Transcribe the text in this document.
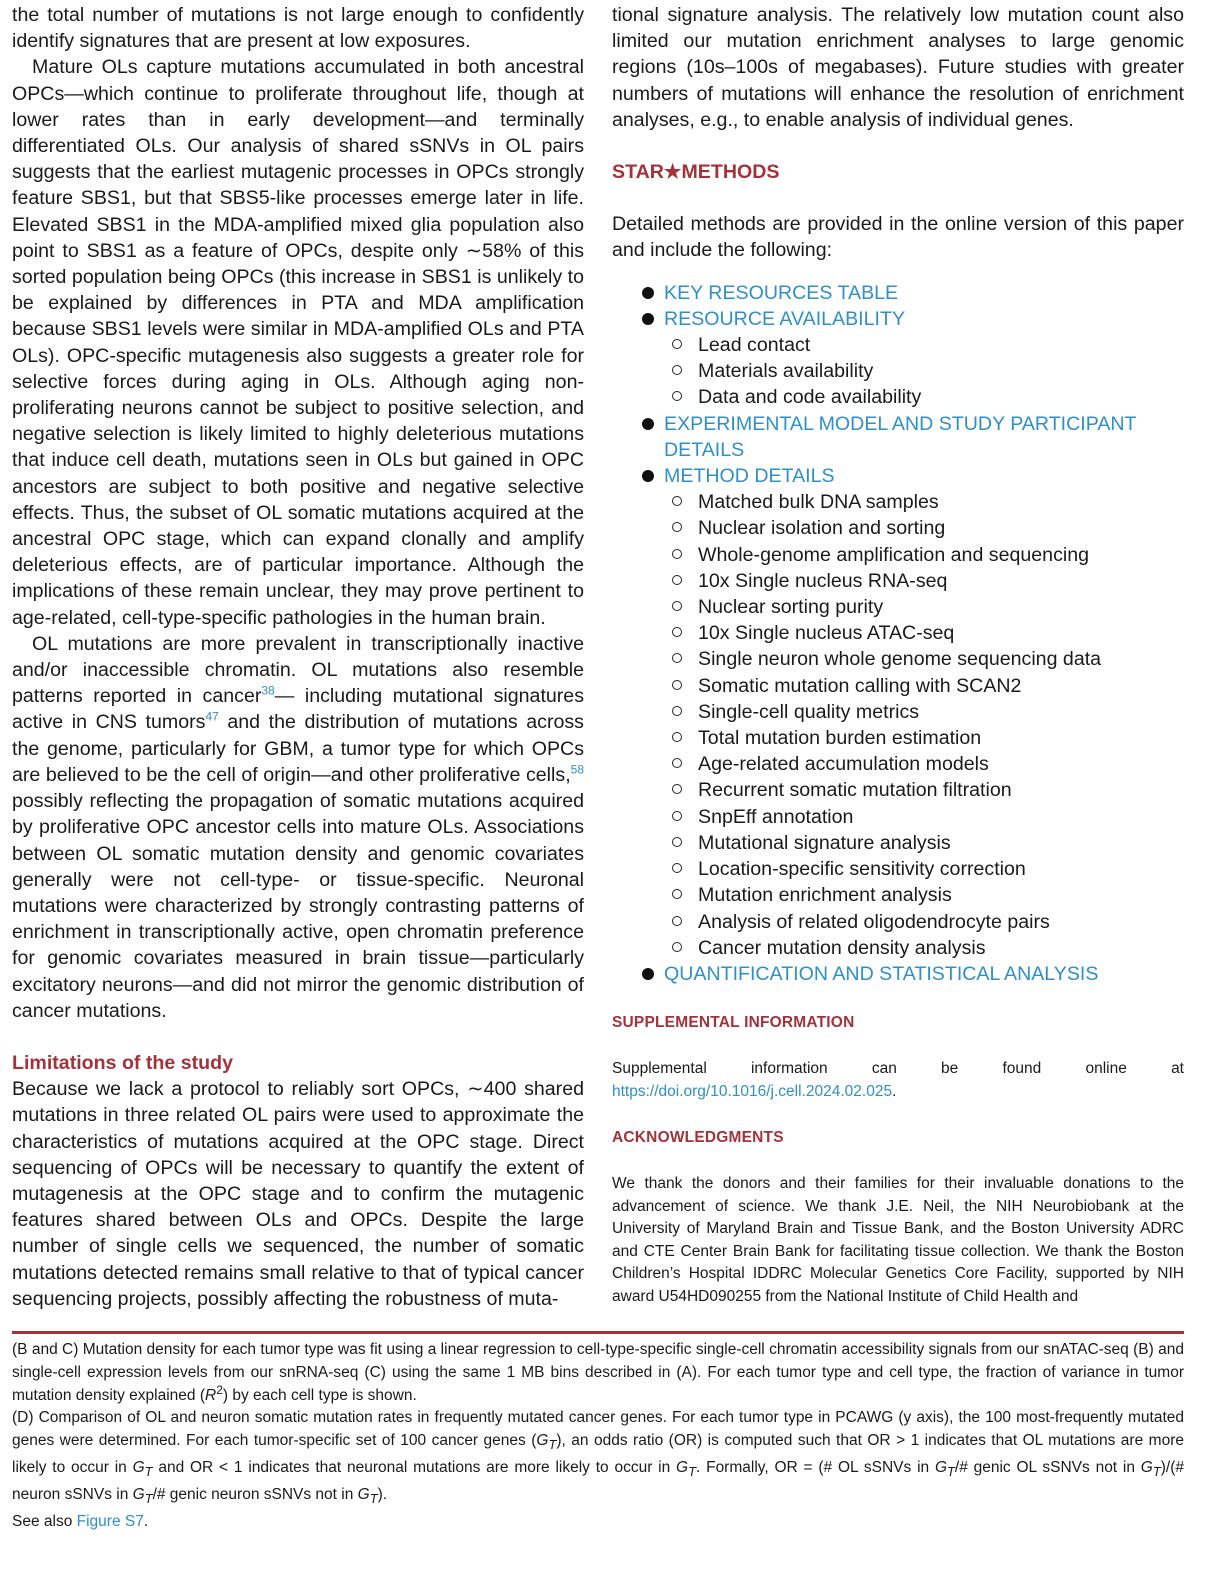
the total number of mutations is not large enough to confidently identify signatures that are present at low exposures.

Mature OLs capture mutations accumulated in both ancestral OPCs—which continue to proliferate throughout life, though at lower rates than in early development—and terminally differentiated OLs. Our analysis of shared sSNVs in OL pairs suggests that the earliest mutagenic processes in OPCs strongly feature SBS1, but that SBS5-like processes emerge later in life. Elevated SBS1 in the MDA-amplified mixed glia population also point to SBS1 as a feature of OPCs, despite only ∼58% of this sorted population being OPCs (this increase in SBS1 is unlikely to be explained by differences in PTA and MDA amplification because SBS1 levels were similar in MDA-amplified OLs and PTA OLs). OPC-specific mutagenesis also suggests a greater role for selective forces during aging in OLs. Although aging non-proliferating neurons cannot be subject to positive selection, and negative selection is likely limited to highly deleterious mutations that induce cell death, mutations seen in OLs but gained in OPC ancestors are subject to both positive and negative selective effects. Thus, the subset of OL somatic mutations acquired at the ancestral OPC stage, which can expand clonally and amplify deleterious effects, are of particular importance. Although the implications of these remain unclear, they may prove pertinent to age-related, cell-type-specific pathologies in the human brain.

OL mutations are more prevalent in transcriptionally inactive and/or inaccessible chromatin. OL mutations also resemble patterns reported in cancer$^{38}$— including mutational signatures active in CNS tumors$^{47}$ and the distribution of mutations across the genome, particularly for GBM, a tumor type for which OPCs are believed to be the cell of origin—and other proliferative cells,$^{58}$ possibly reflecting the propagation of somatic mutations acquired by proliferative OPC ancestor cells into mature OLs. Associations between OL somatic mutation density and genomic covariates generally were not cell-type- or tissue-specific. Neuronal mutations were characterized by strongly contrasting patterns of enrichment in transcriptionally active, open chromatin preference for genomic covariates measured in brain tissue—particularly excitatory neurons—and did not mirror the genomic distribution of cancer mutations.

Limitations of the study

Because we lack a protocol to reliably sort OPCs, ∼400 shared mutations in three related OL pairs were used to approximate the characteristics of mutations acquired at the OPC stage. Direct sequencing of OPCs will be necessary to quantify the extent of mutagenesis at the OPC stage and to confirm the mutagenic features shared between OLs and OPCs. Despite the large number of single cells we sequenced, the number of somatic mutations detected remains small relative to that of typical cancer sequencing projects, possibly affecting the robustness of muta-

tional signature analysis. The relatively low mutation count also limited our mutation enrichment analyses to large genomic regions (10s–100s of megabases). Future studies with greater numbers of mutations will enhance the resolution of enrichment analyses, e.g., to enable analysis of individual genes.

STAR★METHODS

Detailed methods are provided in the online version of this paper and include the following:

KEY RESOURCES TABLE
RESOURCE AVAILABILITY
Lead contact
Materials availability
Data and code availability
EXPERIMENTAL MODEL AND STUDY PARTICIPANT DETAILS
METHOD DETAILS
Matched bulk DNA samples
Nuclear isolation and sorting
Whole-genome amplification and sequencing
10x Single nucleus RNA-seq
Nuclear sorting purity
10x Single nucleus ATAC-seq
Single neuron whole genome sequencing data
Somatic mutation calling with SCAN2
Single-cell quality metrics
Total mutation burden estimation
Age-related accumulation models
Recurrent somatic mutation filtration
SnpEff annotation
Mutational signature analysis
Location-specific sensitivity correction
Mutation enrichment analysis
Analysis of related oligodendrocyte pairs
Cancer mutation density analysis
QUANTIFICATION AND STATISTICAL ANALYSIS

SUPPLEMENTAL INFORMATION

Supplemental information can be found online at https://doi.org/10.1016/j.cell.2024.02.025.

ACKNOWLEDGMENTS

We thank the donors and their families for their invaluable donations to the advancement of science. We thank J.E. Neil, the NIH Neurobiobank at the University of Maryland Brain and Tissue Bank, and the Boston University ADRC and CTE Center Brain Bank for facilitating tissue collection. We thank the Boston Children’s Hospital IDDRC Molecular Genetics Core Facility, supported by NIH award U54HD090255 from the National Institute of Child Health and

(B and C) Mutation density for each tumor type was fit using a linear regression to cell-type-specific single-cell chromatin accessibility signals from our snATAC-seq (B) and single-cell expression levels from our snRNA-seq (C) using the same 1 MB bins described in (A). For each tumor type and cell type, the fraction of variance in tumor mutation density explained $(R^2)$ by each cell type is shown.

(D) Comparison of OL and neuron somatic mutation rates in frequently mutated cancer genes. For each tumor type in PCAWG (y axis), the 100 most-frequently mutated genes were determined. For each tumor-specific set of 100 cancer genes $(G_T)$, an odds ratio (OR) is computed such that OR > 1 indicates that OL mutations are more likely to occur in $G_T$ and OR < 1 indicates that neuronal mutations are more likely to occur in $G_T$. Formally, OR = (# OL sSNVs in $G_T/\#$ genic OL sSNVs not in $G_T)/(\#$ neuron sSNVs in $G_T/\#$ genic neuron sSNVs not in $G_T$).

See also Figure S7.
